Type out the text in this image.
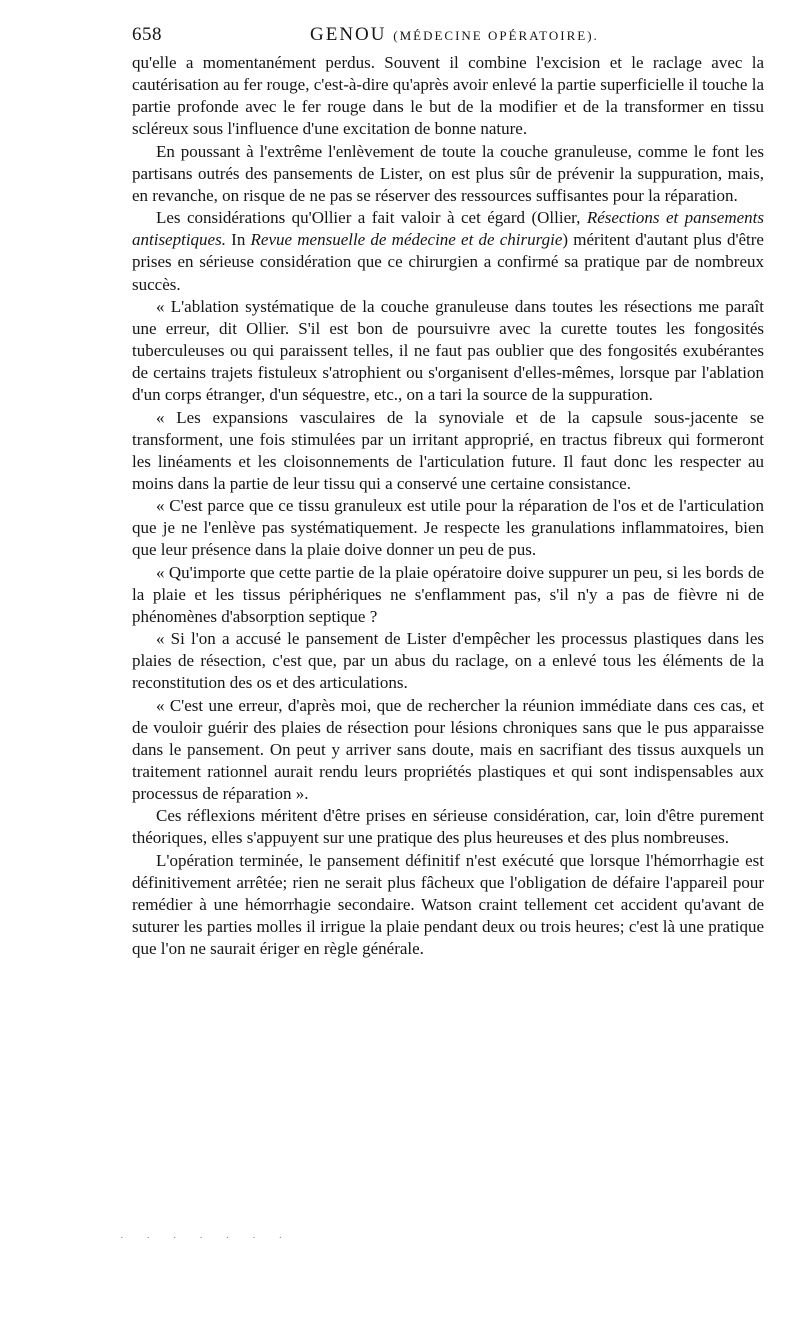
658	GENOU (MÉDECINE OPÉRATOIRE).

qu'elle a momentanément perdus. Souvent il combine l'excision et le raclage avec la cautérisation au fer rouge, c'est-à-dire qu'après avoir enlevé la partie superficielle il touche la partie profonde avec le fer rouge dans le but de la modifier et de la transformer en tissu scléreux sous l'influence d'une excitation de bonne nature.

En poussant à l'extrême l'enlèvement de toute la couche granuleuse, comme le font les partisans outrés des pansements de Lister, on est plus sûr de prévenir la suppuration, mais, en revanche, on risque de ne pas se réserver des ressources suffisantes pour la réparation.

Les considérations qu'Ollier a fait valoir à cet égard (Ollier, Résections et pansements antiseptiques. In Revue mensuelle de médecine et de chirurgie) méritent d'autant plus d'être prises en sérieuse considération que ce chirurgien a confirmé sa pratique par de nombreux succès.

« L'ablation systématique de la couche granuleuse dans toutes les résections me paraît une erreur, dit Ollier. S'il est bon de poursuivre avec la curette toutes les fongosités tuberculeuses ou qui paraissent telles, il ne faut pas oublier que des fongosités exubérantes de certains trajets fistuleux s'atrophient ou s'organisent d'elles-mêmes, lorsque par l'ablation d'un corps étranger, d'un séquestre, etc., on a tari la source de la suppuration.

« Les expansions vasculaires de la synoviale et de la capsule sous-jacente se transforment, une fois stimulées par un irritant approprié, en tractus fibreux qui formeront les linéaments et les cloisonnements de l'articulation future. Il faut donc les respecter au moins dans la partie de leur tissu qui a conservé une certaine consistance.

« C'est parce que ce tissu granuleux est utile pour la réparation de l'os et de l'articulation que je ne l'enlève pas systématiquement. Je respecte les granulations inflammatoires, bien que leur présence dans la plaie doive donner un peu de pus.

« Qu'importe que cette partie de la plaie opératoire doive suppurer un peu, si les bords de la plaie et les tissus périphériques ne s'enflamment pas, s'il n'y a pas de fièvre ni de phénomènes d'absorption septique ?

« Si l'on a accusé le pansement de Lister d'empêcher les processus plastiques dans les plaies de résection, c'est que, par un abus du raclage, on a enlevé tous les éléments de la reconstitution des os et des articulations.

« C'est une erreur, d'après moi, que de rechercher la réunion immédiate dans ces cas, et de vouloir guérir des plaies de résection pour lésions chroniques sans que le pus apparaisse dans le pansement. On peut y arriver sans doute, mais en sacrifiant des tissus auxquels un traitement rationnel aurait rendu leurs propriétés plastiques et qui sont indispensables aux processus de réparation ».

Ces réflexions méritent d'être prises en sérieuse considération, car, loin d'être purement théoriques, elles s'appuyent sur une pratique des plus heureuses et des plus nombreuses.

L'opération terminée, le pansement définitif n'est exécuté que lorsque l'hémorrhagie est définitivement arrêtée; rien ne serait plus fâcheux que l'obligation de défaire l'appareil pour remédier à une hémorrhagie secondaire. Watson craint tellement cet accident qu'avant de suturer les parties molles il irrigue la plaie pendant deux ou trois heures; c'est là une pratique que l'on ne saurait ériger en règle générale.

· · · · · · ·
